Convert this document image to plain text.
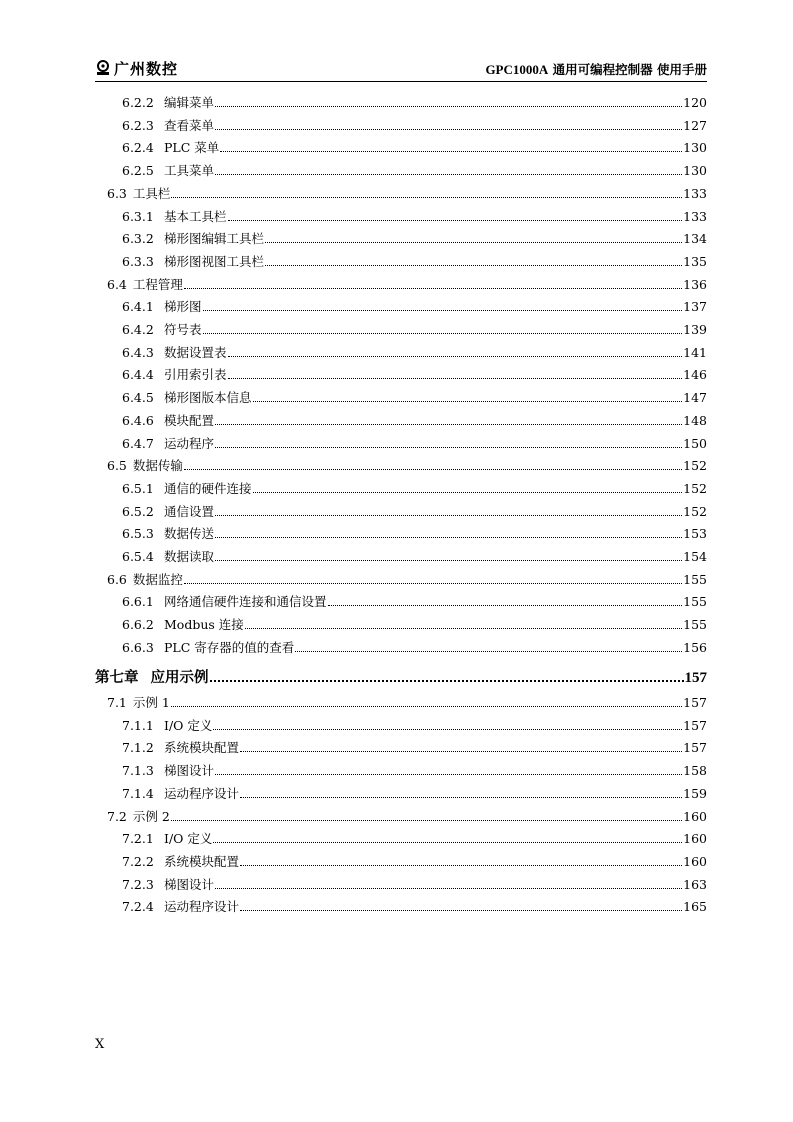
广州数控	GPC1000A 通用可编程控制器 使用手册
6.2.2 编辑菜单	120
6.2.3 查看菜单	127
6.2.4 PLC 菜单	130
6.2.5 工具菜单	130
6.3 工具栏	133
6.3.1 基本工具栏	133
6.3.2 梯形图编辑工具栏	134
6.3.3 梯形图视图工具栏	135
6.4 工程管理	136
6.4.1 梯形图	137
6.4.2 符号表	139
6.4.3 数据设置表	141
6.4.4 引用索引表	146
6.4.5 梯形图版本信息	147
6.4.6 模块配置	148
6.4.7 运动程序	150
6.5 数据传输	152
6.5.1 通信的硬件连接	152
6.5.2 通信设置	152
6.5.3 数据传送	153
6.5.4 数据读取	154
6.6 数据监控	155
6.6.1 网络通信硬件连接和通信设置	155
6.6.2 Modbus 连接	155
6.6.3 PLC 寄存器的值的查看	156
第七章 应用示例	157
7.1 示例 1	157
7.1.1 I/O 定义	157
7.1.2 系统模块配置	157
7.1.3 梯图设计	158
7.1.4 运动程序设计	159
7.2 示例 2	160
7.2.1 I/O 定义	160
7.2.2 系统模块配置	160
7.2.3 梯图设计	163
7.2.4 运动程序设计	165
X
